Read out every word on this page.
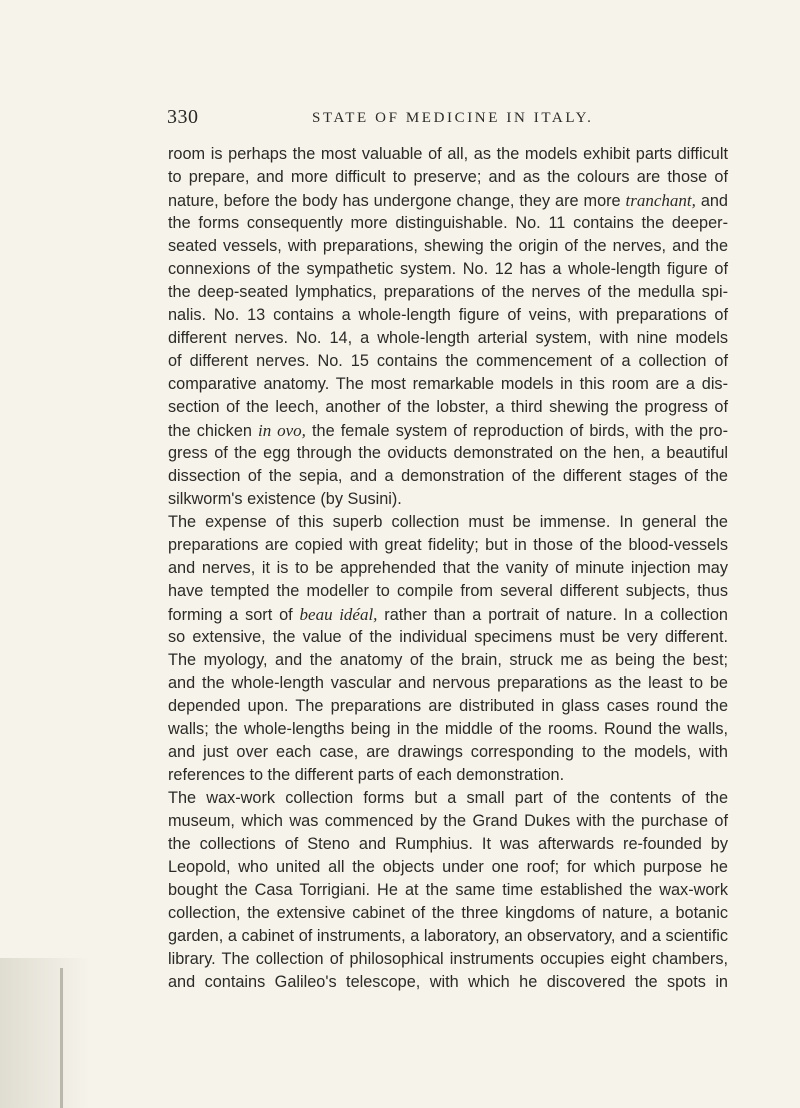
330	STATE OF MEDICINE IN ITALY.
room is perhaps the most valuable of all, as the models exhibit parts difficult
to prepare, and more difficult to preserve; and as the colours are those of
nature, before the body has undergone change, they are more tranchant, and
the forms consequently more distinguishable. No. 11 contains the deeper-
seated vessels, with preparations, shewing the origin of the nerves, and the
connexions of the sympathetic system. No. 12 has a whole-length figure of
the deep-seated lymphatics, preparations of the nerves of the medulla spi-
nalis. No. 13 contains a whole-length figure of veins, with preparations of
different nerves. No. 14, a whole-length arterial system, with nine models
of different nerves. No. 15 contains the commencement of a collection of
comparative anatomy. The most remarkable models in this room are a dis-
section of the leech, another of the lobster, a third shewing the progress of
the chicken in ovo, the female system of reproduction of birds, with the pro-
gress of the egg through the oviducts demonstrated on the hen, a beautiful
dissection of the sepia, and a demonstration of the different stages of the
silkworm's existence (by Susini).
The expense of this superb collection must be immense. In general the
preparations are copied with great fidelity; but in those of the blood-vessels
and nerves, it is to be apprehended that the vanity of minute injection may
have tempted the modeller to compile from several different subjects, thus
forming a sort of beau idéal, rather than a portrait of nature. In a collection
so extensive, the value of the individual specimens must be very different.
The myology, and the anatomy of the brain, struck me as being the best;
and the whole-length vascular and nervous preparations as the least to be
depended upon. The preparations are distributed in glass cases round the
walls; the whole-lengths being in the middle of the rooms. Round the walls,
and just over each case, are drawings corresponding to the models, with
references to the different parts of each demonstration.
The wax-work collection forms but a small part of the contents of the
museum, which was commenced by the Grand Dukes with the purchase of
the collections of Steno and Rumphius. It was afterwards re-founded by
Leopold, who united all the objects under one roof; for which purpose he
bought the Casa Torrigiani. He at the same time established the wax-work
collection, the extensive cabinet of the three kingdoms of nature, a botanic
garden, a cabinet of instruments, a laboratory, an observatory, and a scientific
library. The collection of philosophical instruments occupies eight chambers,
and contains Galileo's telescope, with which he discovered the spots in
